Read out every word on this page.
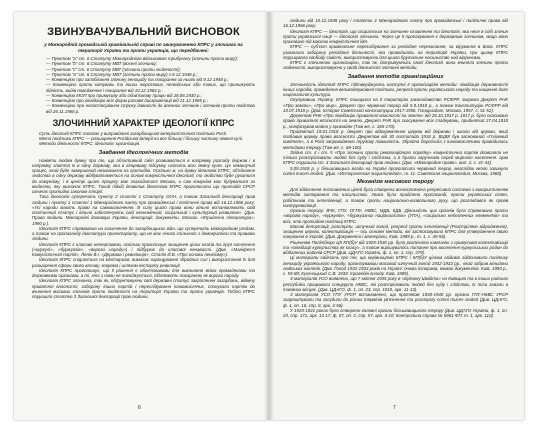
ЗВИНУВАЧУВАЛЬНИЙ ВИСНОВОК
у Міжнародній громадській кримінальній справі по звинуваченню КПРС у злочинах на території України та проти українців, що передбачені:

— Пунктом "а" ст. 6 Статуту Міжнародного військового трибуналу (злочини проти миру);

— Пунктом "b" ст. 6 Статуту МВТ (воєнні злочини);

— Пунктом "с" ст. 6 Статуту МВТ (злочини проти людяності);

— Пунктом "а" ст. 6 Статуту МВТ (злочини проти миру) з 9.12.1948 р.;

— Конвенцією про запобігання злочину геноциду та покарання за нього від 9.12.1948 р.;

— Конвенцією проти катувань та інших жорстоких, нелюдських або таких, що принижують гідність, видів поводження і покарання від 10.12.1984 р.;

— Конвенцією МОП про примусову або обов'язкову працю від 28.06.1930 р.;

— Конвенцією про ліквідацію всіх форм расової дискримінації від 21.12.1965 р.;

— Конвенцією про незастосування строку давності до воєнних злочинів і злочинів проти людства від 26.11.1968 р.

ЗЛОЧИННИЙ ХАРАКТЕР ІДЕОЛОГІЇ КПРС

Суть ідеології КПРС полягає у виправданні загарбницької імперіалістичної політики Росії.

Мета політики КПРС — розширення Російської імперії на все більшу і більшу частину земної кулі.

Методи діяльності КПРС: ідеологія, організація.

Завдання ідеологічних методів

Навіяти людям думку про те, що об'єктивний світ розвивається в напрямку розпаду держав і в напрямку злиття їх в одну державу, яка в кінцевому підсумку охопить всю земну кулю. Це неминучий процес, який буде завершений незважаючи на протидію. Оскільки ж, на думку ідеологів КПРС, об'єднання людства в одну державу відбуватиметься на основі комуністичної ідеології, то людство буде рухатися до комунізму, і в центрі цього процесу має знаходитися Москва, а сам комунізм має будуватися за моделлю, яку визначає КПРС. Такий підхід дозволив ідеологам КПРС проголосити що протидія СРСР означає протидію законам історії.

Така ідеологія суперечить пункту 2 статті 1 Статуту ООН, а також Загальній декларації прав людини і пункту 1 статті 1 Міжнародного пакту про громадянські і політичні права від 16.12.1966 року: «Усі народи мають право на самовизначення. В силу цього права вони вільно встановлюють свій політичний статус і вільно забезпечують свій економічний, соціальний і культурний розвиток». (Див. Права людини. Міжнародні договори України, декларації, документи. Москва. «Юридична література», 1990 р.).

Ідеологія КПРС спрямована на заохочення до загарбницьких війн, що суперечить міжнародним угодам, а також на пропаганду диктатури пролетаріату, що не має нічого спільного з демократією та правами людини.

Ідеологія КПРС є класово нетерпимою, оскільки проголошує знищення цілих класів та груп населення («куркулі», «буржуазія», «вороги народу») і підбурює до класової ненависті. (Див. «Маніфест Комуністичної партії», Ленін В.І. «Держава і революція», Сталін Й.В. «Про основи ленінізму»).

Ідеологія КПРС спирається на мілітаризм, вимагає нарощування збройних сил і використання їх для розширення сфери свого впливу, зокрема і шляхом експорту революції.

Ідеологія КПРС проголошує, що її рішення є обов'язковими для виконання всіма громадянами та державними органами, а ті, хто з ними не погоджується, підлягають покаранню як вороги народу.

Ідеологія КПРС злочинна, так як, обґрунтовуючи свої державні статус закріплення загарбань, відміну приватної власності, заборону інших партій і переслідування інакомислячих, спонукала партію до вчинення масових злочинів проти людяності на території України та проти українців. Тобто КПРС порушила статтю 3 Загальної декларації прав людини.

6

людини від 10.12.1948 року і статтю 2 Міжнародного пакту про громадянські і політичні права від 16.12.1966 року.

Ідеологія КПРС — ідеологія, що спирається на злочинне ставлення та ідеологія, яка несе в собі злочин проти української нації — ідеологія злочинна. Через це її пропагування є державним злочином, якщо воно приховане під маскою комуністичної ідеї.

КПРС — суб'єкт кримінальне переслідування за релігійне переконання, за вірування в Бога. КПРС узаконила заборону релігійної діяльності, яка проводилась на території України, при цьому КПРС порушувала свободу совісті, використовуючи для цього брутальне насильство над віруючими.

КПРС є злочинною організацією, так як, дотримуючись своєї ідеології, вона вчиняла злочини проти людяності, використовуючи у своїй діяльності злочинні методи.

Завдання методів організаційних

Злочинність ідеології КПРС підтверджують наступні її організаційні методи: ліквідація державності інших народів, проведення великодержавної політики, репресії проти українського народу та нищення його національної культури.

Окупувавши Україну, КПРС поширила на її територію законодавство РСФРР, зокрема Декрет РНК «Про землю», «Про мир», Декрет про червоний терор від 5.9.1918 р., а також Конституцію РСФРР від 10.07.1918 р. (Див. Істория Советской конституции 1917-1956. Госюриздат, Москва, 1957, с. 51-52).

Декретом РНК «Про ліквідацію приватної власності на землю» від 26.10.1917 р. 1917 р. було скасовано право приватної власності на землю. Декрет РНК про скасування всіх спадкувань, прийнятий 27.04.1918 р., конфіскував майно у громадян (Там же, с. 165-170).

Прийнятий 19.01.1918 р. декрет про відокремлення церкви від держави і школи від церкви, який позбавив церкву права власності. Декретом від 30 листопада 1918 р. ВЦВК був заснований «Головний комітет», а в Росії запроваджено трудову повинність. Збройна боротьба з інакомислячими проводилась методами терору (Там же, с. 69-100).

Згідно ст. 4 і ст. 5 «Про злочини проти революційного порядку» комуністична партія дозволяла не тільки розстрілювати людей без суду і слідства, а й брати заручників серед мирного населення. Цим КПРС порушила ст. 3 Загальної декларації прав людини. (Див. «Міжнародне право», вип. 2, с. 41-44).

5.09.1918 р. у більшовицька влада на Україні проголосила червоний терор, внаслідок якого загинули сотні тисяч людей. (Див. «Историческая энциклопедия», т. 11. Советская энциклопедия, Москва, 1968).

Механізм масового терору

Для здійснення поставлених цілей була створена всеохоплююча репресивна система з використанням методів залякування та насильства. Увага була приділена пропаганді, проти українських селян, робітників та інтелігенції, а також проти національно-визвольного руху, що розглядався як прояв контрреволюції.

Органи терору: ВЧК, ГПУ, ОГПУ, НКВС, МДБ, КДБ. Діяльність цих органів була спрямована проти «ворогів народу», «куркулів», «буржуазних націоналістів» (УПА), «соціально небезпечних елементів» та всіх, хто протидіяв політиці КПРС.

Масові депортації, розстріли, штучний голод, репресії проти інтелігенції (Розстріляне відродження), знищення церкви, колективізація — ось основні методи, які застосовувала КПРС для утвердження свого панування в Україні. (Див. Документи і матеріали, Київ, 1989 р., т. 1, с. 49-56).

Рішенням Політбюро ЦК КП(б)У від 1929-1930 рр. було розпочато кампанію з примусової колективізації та «ліквідації куркульства як класу», а також вирішувалось питання про виселення куркульських родин до віддалених районів СРСР (Див. ЦДАГО України, ф. 1, оп. 1, спр. 379).

Ці матеріали свідчать про те, що керівництво КПРС і КП(б)У цілком свідомо здійснювало політику геноциду українського народу, організувавши масовий штучний голод 1932-1933 рр., який забрав мільйони людських життів. (Див. Голод 1932-1933 років на Україні: очима істориків, мовою документів. Київ, 1990 р., с. 55-88; Кульчицький С.В. 1933: трагедія голоду. Київ, 1989).

З матеріалів УСО виявлено, що 7 квітня 1945 року в «Будинку Шмідта» на Київщині та в інших районах республіки працювали спецгрупи НКВС, які розстрілювали людей без суду і слідства, їх тіла ховали в таємних місцях. (Див. ЦДАГО, ф. 1, оп. 23, спр. 1010, арк. 11-13).

3 матеріалів УСО ГПУ УРСР встановлено, що протягом 1930-1940 рр. органи ГПУ-НКВС УРСР заарештували та засудили до різних термінів ув'язнення та розстрілу сотні тисяч людей (Див. ЦДАГО, ф. 1, оп. 16, спр. 8, арк. 2-56).

У 1920-1921 роках було створено головні органи більшовицького терору (Див. ЦДАГО України, ф. 1, оп. 20, спр. 172, арк. 13-17; ф. 57, оп. 2, спр. 57, арк. 4-10; Контрольна справа № 5981-ФП, т. 1, арк. 110).

7
